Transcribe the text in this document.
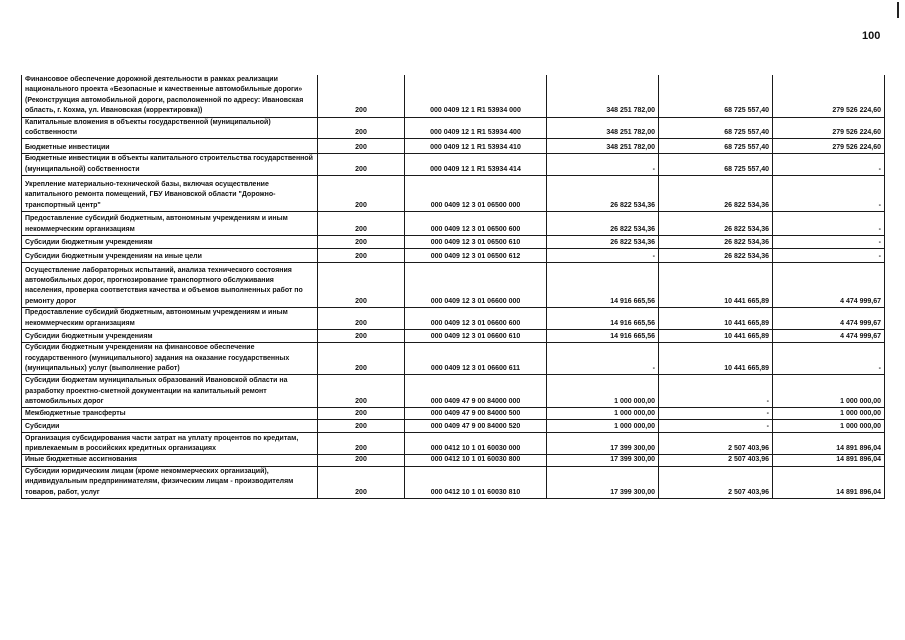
100

Финансовое обеспечение дорожной деятельности в рамках реализации национального проекта «Безопасные и качественные автомобильные дороги» (Реконструкция автомобильной дороги, расположенной по адресу: Ивановская область, г. Кохма, ул. Ивановская (корректировка))	200	000 0409 12 1 R1 53934 000	348 251 782,00	68 725 557,40	279 526 224,60
Капитальные вложения в объекты государственной (муниципальной) собственности	200	000 0409 12 1 R1 53934 400	348 251 782,00	68 725 557,40	279 526 224,60
Бюджетные инвестиции	200	000 0409 12 1 R1 53934 410	348 251 782,00	68 725 557,40	279 526 224,60
Бюджетные инвестиции в объекты капитального строительства государственной (муниципальной) собственности	200	000 0409 12 1 R1 53934 414	-	68 725 557,40	-
Укрепление материально-технической базы, включая осуществление капитального ремонта помещений, ГБУ Ивановской области "Дорожно-транспортный центр"	200	000 0409 12 3 01 06500 000	26 822 534,36	26 822 534,36	-
Предоставление субсидий бюджетным, автономным учреждениям и иным некоммерческим организациям	200	000 0409 12 3 01 06500 600	26 822 534,36	26 822 534,36	-
Субсидии бюджетным учреждениям	200	000 0409 12 3 01 06500 610	26 822 534,36	26 822 534,36	-
Субсидии бюджетным учреждениям на иные цели	200	000 0409 12 3 01 06500 612	-	26 822 534,36	-
Осуществление лабораторных испытаний, анализа технического состояния автомобильных дорог, прогнозирование транспортного обслуживания населения, проверка соответствия качества и объемов выполненных работ по ремонту дорог	200	000 0409 12 3 01 06600 000	14 916 665,56	10 441 665,89	4 474 999,67
Предоставление субсидий бюджетным, автономным учреждениям и иным некоммерческим организациям	200	000 0409 12 3 01 06600 600	14 916 665,56	10 441 665,89	4 474 999,67
Субсидии бюджетным учреждениям	200	000 0409 12 3 01 06600 610	14 916 665,56	10 441 665,89	4 474 999,67
Субсидии бюджетным учреждениям на финансовое обеспечение государственного (муниципального) задания на оказание государственных (муниципальных) услуг (выполнение работ)	200	000 0409 12 3 01 06600 611	-	10 441 665,89	-
Субсидии бюджетам муниципальных образований Ивановской области на разработку проектно-сметной документации на капитальный ремонт автомобильных дорог	200	000 0409 47 9 00 84000 000	1 000 000,00	-	1 000 000,00
Межбюджетные трансферты	200	000 0409 47 9 00 84000 500	1 000 000,00	-	1 000 000,00
Субсидии	200	000 0409 47 9 00 84000 520	1 000 000,00	-	1 000 000,00
Организация субсидирования части затрат на уплату процентов по кредитам, привлекаемым в российских кредитных организациях	200	000 0412 10 1 01 60030 000	17 399 300,00	2 507 403,96	14 891 896,04
Иные бюджетные ассигнования	200	000 0412 10 1 01 60030 800	17 399 300,00	2 507 403,96	14 891 896,04
Субсидии юридическим лицам (кроме некоммерческих организаций), индивидуальным предпринимателям, физическим лицам - производителям товаров, работ, услуг	200	000 0412 10 1 01 60030 810	17 399 300,00	2 507 403,96	14 891 896,04
